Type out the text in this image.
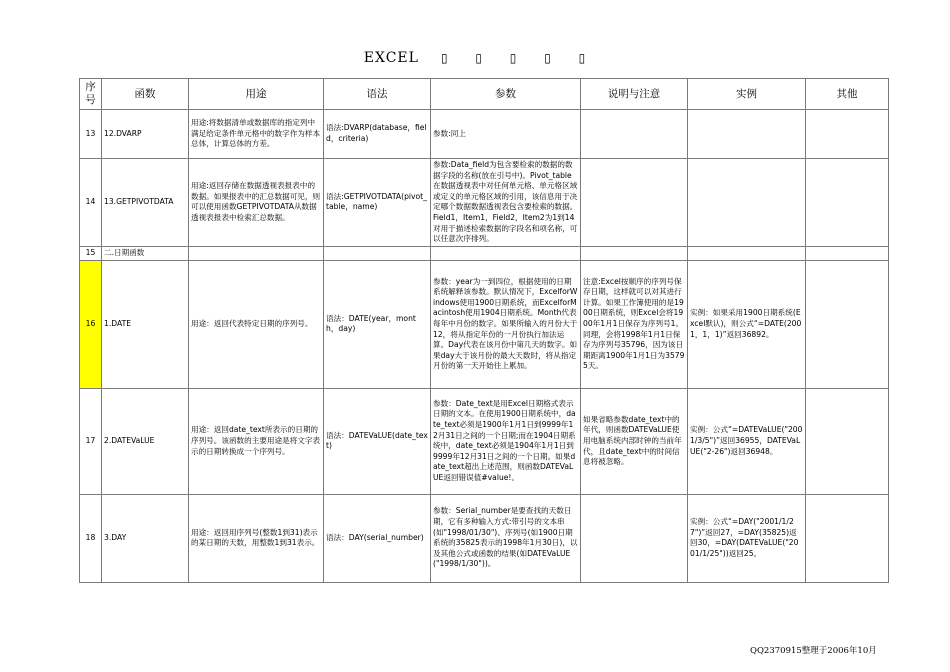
EXCEL ▯ ▯ ▯ ▯ ▯
序
号	函数	用途	语法	参数	说明与注意	实例	其他
13	12.DVARP	用途:将数据清单或数据库的指定列中满足给定条件单元格中的数字作为样本总体，计算总体的方差。	语法:DVARP(database，field，criteria)	参数:同上			
14	13.GETPIVOTDATA	用途:返回存储在数据透视表报表中的数据。如果报表中的汇总数据可见，则可以使用函数GETPIVOTDATA从数据透视表报表中检索汇总数据。	语法:GETPIVOTDATA(pivot_table，name)	参数:Data_field为包含要检索的数据的数据字段的名称(放在引号中)。Pivot_table在数据透视表中对任何单元格、单元格区域或定义的单元格区域的引用，该信息用于决定哪个数据数据透视表包含要检索的数据。Field1，Item1，Field2，Item2为1到14对用于描述检索数据的字段名和项名称，可以任意次序排列。			
15	二.日期函数						
16	1.DATE	用途：返回代表特定日期的序列号。	语法：DATE(year，month，day)	参数：year为一到四位，根据使用的日期系统解释该参数。默认情况下，ExcelforWindows使用1900日期系统，而ExcelforMacintosh使用1904日期系统。Month代表每年中月份的数字。如果所输入的月份大于12，将从指定年份的一月份执行加法运算。Day代表在该月份中第几天的数字。如果day大于该月份的最大天数时，将从指定月份的第一天开始往上累加。	注意:Excel按顺序的序列号保存日期，这样就可以对其进行计算。如果工作簿使用的是1900日期系统，则Excel会将1900年1月1日保存为序列号1。同理，会将1998年1月1日保存为序列号35796，因为该日期距离1900年1月1日为35795天。	实例：如果采用1900日期系统(Excel默认)，则公式“=DATE(2001，1，1)”返回36892。	
17	2.DATEVaLUE	用途：返回date_text所表示的日期的序列号。该函数的主要用途是将文字表示的日期转换成一个序列号。	语法：DATEVaLUE(date_text)	参数：Date_text是用Excel日期格式表示日期的文本。在使用1900日期系统中，date_text必须是1900年1月1日到9999年12月31日之间的一个日期;而在1904日期系统中，date_text必须是1904年1月1日到9999年12月31日之间的一个日期。如果date_text超出上述范围，则函数DATEVaLUE返回错误值#value!。	如果省略参数date_text中的年代，则函数DATEVaLUE使用电脑系统内部时钟的当前年代，且date_text中的时间信息将被忽略。	实例：公式“=DATEVaLUE("2001/3/5")”返回36955，DATEVaLUE("2-26")返回36948。	
18	3.DAY	用途：返回用序列号(整数1到31)表示的某日期的天数，用整数1到31表示。	语法：DAY(serial_number)	参数：Serial_number是要查找的天数日期，它有多种输入方式:带引号的文本串(如"1998/01/30")、序列号(如1900日期系统的35825表示的1998年1月30日)，以及其他公式或函数的结果(如DATEVaLUE("1998/1/30"))。		实例：公式“=DAY("2001/1/27")”返回27，=DAY(35825)返回30，=DAY(DATEVaLUE("2001/1/25"))返回25。	
QQ2370915整理于2006年10月
